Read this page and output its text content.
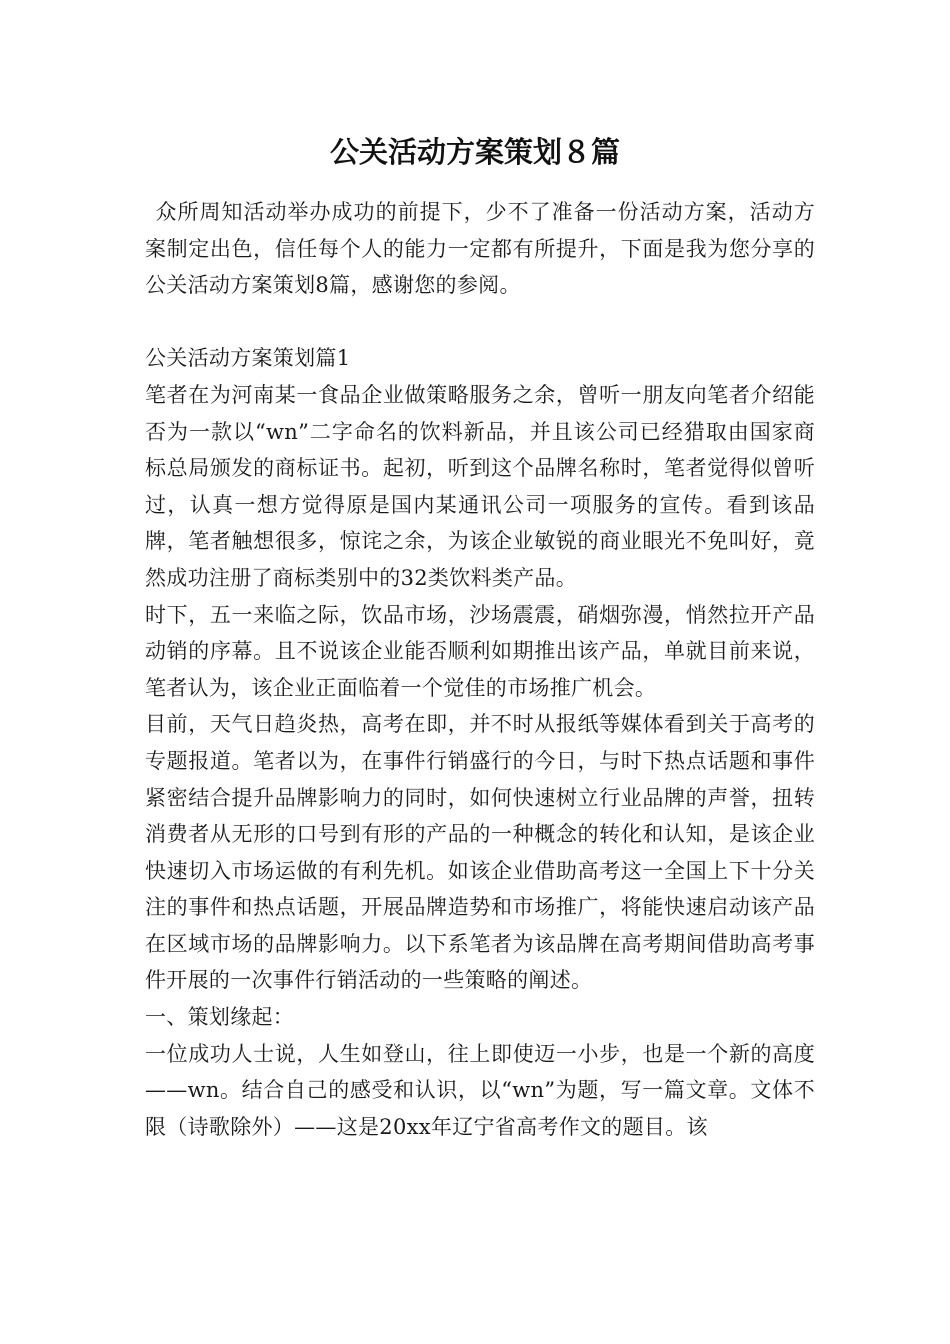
公关活动方案策划８篇

众所周知活动举办成功的前提下，少不了准备一份活动方案，活动方案制定出色，信任每个人的能力一定都有所提升，下面是我为您分享的公关活动方案策划8篇，感谢您的参阅。

公关活动方案策划篇1

笔者在为河南某一食品企业做策略服务之余，曾听一朋友向笔者介绍能否为一款以“wn”二字命名的饮料新品，并且该公司已经猎取由国家商标总局颁发的商标证书。起初，听到这个品牌名称时，笔者觉得似曾听过，认真一想方觉得原是国内某通讯公司一项服务的宣传。看到该品牌，笔者触想很多，惊诧之余，为该企业敏锐的商业眼光不免叫好，竟然成功注册了商标类别中的32类饮料类产品。

时下，五一来临之际，饮品市场，沙场震震，硝烟弥漫，悄然拉开产品动销的序幕。且不说该企业能否顺利如期推出该产品，单就目前来说，笔者认为，该企业正面临着一个觉佳的市场推广机会。

目前，天气日趋炎热，高考在即，并不时从报纸等媒体看到关于高考的专题报道。笔者以为，在事件行销盛行的今日，与时下热点话题和事件紧密结合提升品牌影响力的同时，如何快速树立行业品牌的声誉，扭转消费者从无形的口号到有形的产品的一种概念的转化和认知，是该企业快速切入市场运做的有利先机。如该企业借助高考这一全国上下十分关注的事件和热点话题，开展品牌造势和市场推广，将能快速启动该产品在区域市场的品牌影响力。以下系笔者为该品牌在高考期间借助高考事件开展的一次事件行销活动的一些策略的阐述。

一、策划缘起：

一位成功人士说，人生如登山，往上即使迈一小步，也是一个新的高度——wn。结合自己的感受和认识，以“wn”为题，写一篇文章。文体不限（诗歌除外）——这是20xx年辽宁省高考作文的题目。该
